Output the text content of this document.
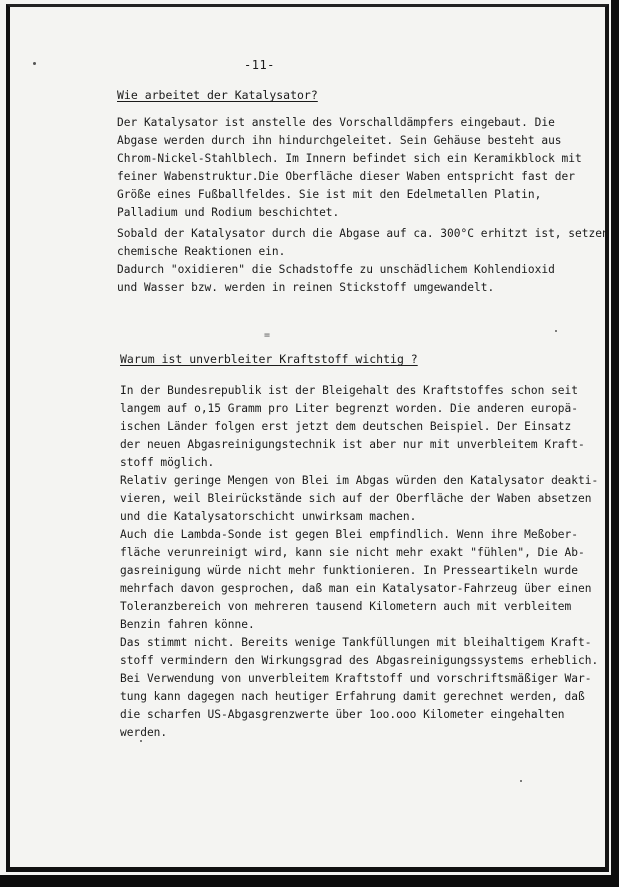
-11-
Wie arbeitet der Katalysator?
Der Katalysator ist anstelle des Vorschalldämpfers eingebaut. Die
Abgase werden durch ihn hindurchgeleitet. Sein Gehäuse besteht aus
Chrom-Nickel-Stahlblech. Im Innern befindet sich ein Keramikblock mit
feiner Wabenstruktur.Die Oberfläche dieser Waben entspricht fast der
Größe eines Fußballfeldes. Sie ist mit den Edelmetallen Platin,
Palladium und Rodium beschichtet.
Sobald der Katalysator durch die Abgase auf ca. 300°C erhitzt ist, setzen
chemische Reaktionen ein.
Dadurch "oxidieren" die Schadstoffe zu unschädlichem Kohlendioxid
und Wasser bzw. werden in reinen Stickstoff umgewandelt.
=
Warum ist unverbleiter Kraftstoff wichtig ?
In der Bundesrepublik ist der Bleigehalt des Kraftstoffes schon seit
langem auf o,15 Gramm pro Liter begrenzt worden. Die anderen europä-
ischen Länder folgen erst jetzt dem deutschen Beispiel. Der Einsatz
der neuen Abgasreinigungstechnik ist aber nur mit unverbleitem Kraft-
stoff möglich.
Relativ geringe Mengen von Blei im Abgas würden den Katalysator deakti-
vieren, weil Bleirückstände sich auf der Oberfläche der Waben absetzen
und die Katalysatorschicht unwirksam machen.
Auch die Lambda-Sonde ist gegen Blei empfindlich. Wenn ihre Meßober-
fläche verunreinigt wird, kann sie nicht mehr exakt "fühlen", Die Ab-
gasreinigung würde nicht mehr funktionieren. In Presseartikeln wurde
mehrfach davon gesprochen, daß man ein Katalysator-Fahrzeug über einen
Toleranzbereich von mehreren tausend Kilometern auch mit verbleitem
Benzin fahren könne.
Das stimmt nicht. Bereits wenige Tankfüllungen mit bleihaltigem Kraft-
stoff vermindern den Wirkungsgrad des Abgasreinigungssystems erheblich.
Bei Verwendung von unverbleitem Kraftstoff und vorschriftsmäßiger War-
tung kann dagegen nach heutiger Erfahrung damit gerechnet werden, daß
die scharfen US-Abgasgrenzwerte über 1oo.ooo Kilometer eingehalten
werden.
